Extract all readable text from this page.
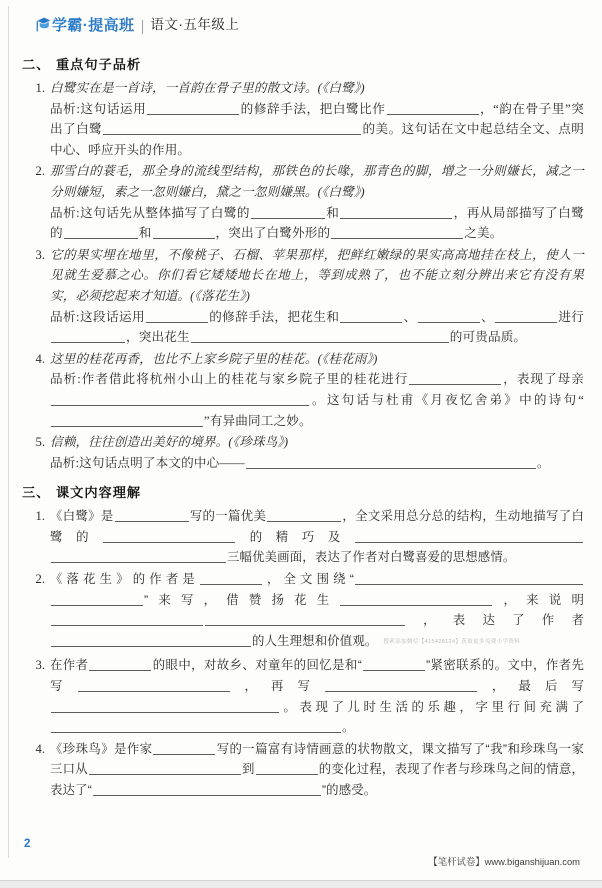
学霸·提高班 语文·五年级上
二、 重点句子品析
1. 白鹭实在是一首诗，一首韵在骨子里的散文诗。(《白鹭》)
品析:这句话运用	的修辞手法，把白鹭比作	，“韵在骨子里”突出了白鹭	的美。这句话在文中起总结全文、点明中心、呼应开头的作用。
2. 那雪白的蓑毛，那全身的流线型结构，那铁色的长喙，那青色的脚，增之一分则嫌长，减之一分则嫌短，素之一忽则嫌白，黛之一忽则嫌黑。(《白鹭》)
品析:这句话先从整体描写了白鹭的	和	，再从局部描写了白鹭的	和	，突出了白鹭外形的	之美。
3. 它的果实埋在地里，不像桃子、石榴、苹果那样，把鲜红嫩绿的果实高高地挂在枝上，使人一见就生爱慕之心。你们看它矮矮地长在地上，等到成熟了，也不能立刻分辨出来它有没有果实，必须挖起来才知道。(《落花生》)
品析:这段话运用	的修辞手法，把花生和	、	、	进行，突出花生	的可贵品质。
4. 这里的桂花再香，也比不上家乡院子里的桂花。(《桂花雨》)
品析:作者借此将杭州小山上的桂花与家乡院子里的桂花进行	，表现了母亲。这句话与杜甫《月夜忆舍弟》中的诗句“”有异曲同工之妙。
5. 信赖，往往创造出美好的境界。(《珍珠鸟》)
品析:这句话点明了本文的中心——	。
三、 课文内容理解
1. 《白鹭》是	写的一篇优美	，全文采用总分总的结构，生动地描写了白鹭的	的精巧及三幅优美画面，表达了作者对白鹭喜爱的思想感情。
2. 《落花生》的作者是	，全文围绕“”来写，借赞扬花生	，来说明，表达了作者的人生理想和价值观。 搜索添加微信【415428124】获取更多免费小学资料
3. 在作者	的眼中，对故乡、对童年的回忆是和“	”紧密联系的。文中，作者先写	，再写	，最后写。表现了儿时生活的乐趣，字里行间充满了。
4. 《珍珠鸟》是作家	写的一篇富有诗情画意的状物散文，课文描写了“我”和珍珠鸟一家三口从	到	的变化过程，表现了作者与珍珠鸟之间的情意，表达了“	”的感受。
2
【笔杆试卷】www.biganshijuan.com
